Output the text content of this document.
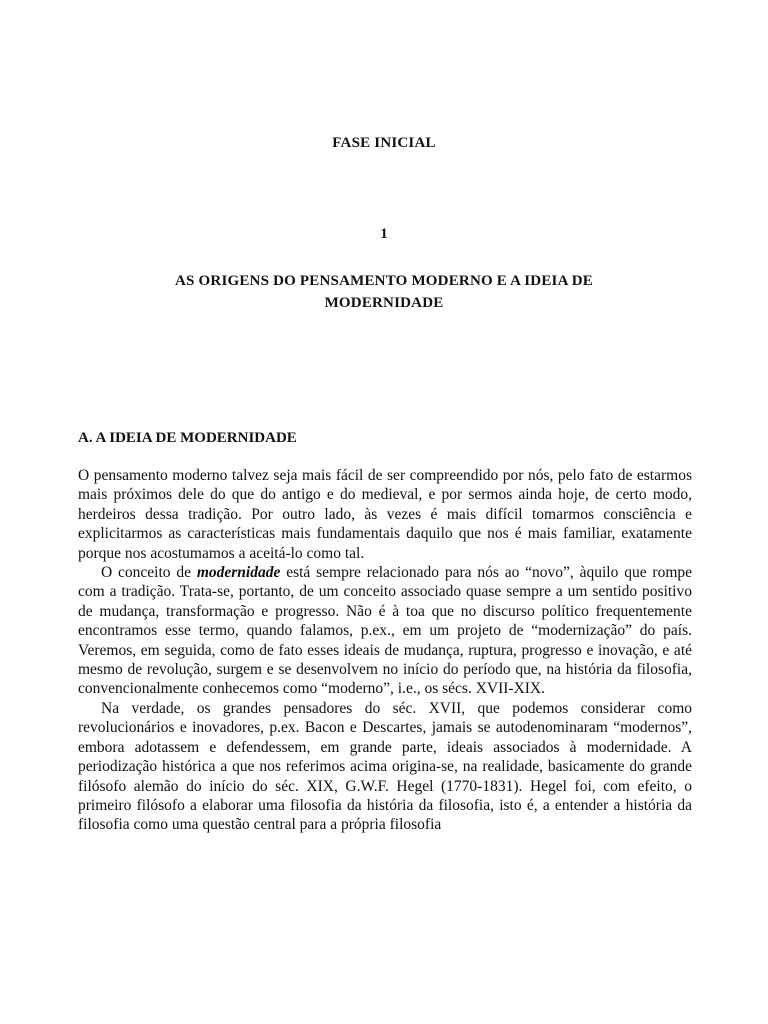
FASE INICIAL
1
AS ORIGENS DO PENSAMENTO MODERNO E A IDEIA DE
MODERNIDADE
A. A IDEIA DE MODERNIDADE

O pensamento moderno talvez seja mais fácil de ser compreendido por nós, pelo fato de estarmos mais próximos dele do que do antigo e do medieval, e por sermos ainda hoje, de certo modo, herdeiros dessa tradição. Por outro lado, às vezes é mais difícil tomarmos consciência e explicitarmos as características mais fundamentais daquilo que nos é mais familiar, exatamente porque nos acostumamos a aceitá-lo como tal.

O conceito de modernidade está sempre relacionado para nós ao “novo”, àquilo que rompe com a tradição. Trata-se, portanto, de um conceito associado quase sempre a um sentido positivo de mudança, transformação e progresso. Não é à toa que no discurso político frequentemente encontramos esse termo, quando falamos, p.ex., em um projeto de “modernização” do país. Veremos, em seguida, como de fato esses ideais de mudança, ruptura, progresso e inovação, e até mesmo de revolução, surgem e se desenvolvem no início do período que, na história da filosofia, convencionalmente conhecemos como “moderno”, i.e., os sécs. XVII-XIX.

Na verdade, os grandes pensadores do séc. XVII, que podemos considerar como revolucionários e inovadores, p.ex. Bacon e Descartes, jamais se autodenominaram “modernos”, embora adotassem e defendessem, em grande parte, ideais associados à modernidade. A periodização histórica a que nos referimos acima origina-se, na realidade, basicamente do grande filósofo alemão do início do séc. XIX, G.W.F. Hegel (1770-1831). Hegel foi, com efeito, o primeiro filósofo a elaborar uma filosofia da história da filosofia, isto é, a entender a história da filosofia como uma questão central para a própria filosofia
